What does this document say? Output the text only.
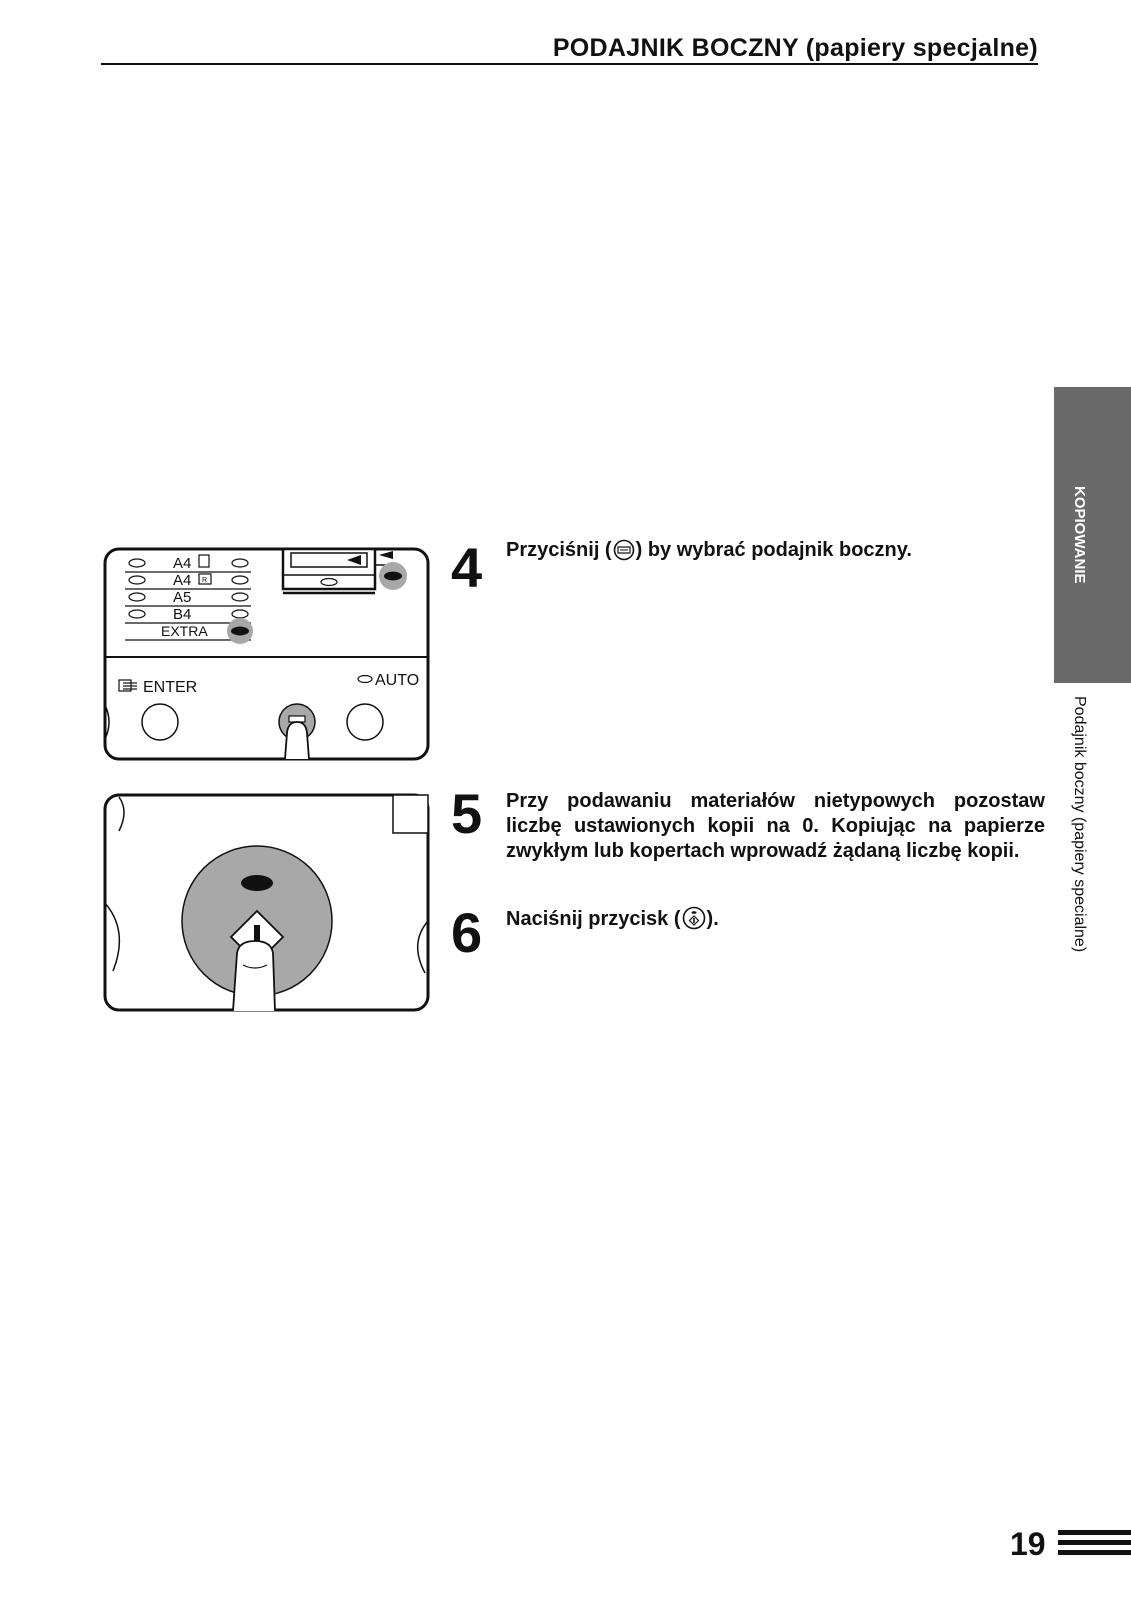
PODAJNIK BOCZNY (papiery specjalne)
KOPIOWANIE
Podajnik boczny (papiery specialne)
A4
A4 R
A5
B4
EXTRA
ENTER	AUTO
4 Przyciśnij ( ) by wybrać podajnik boczny.
5 Przy podawaniu materiałów nietypowych pozostaw liczbę ustawionych kopii na 0. Kopiując na papierze zwykłym lub kopertach wprowadź żądaną liczbę kopii.
6 Naciśnij przycisk ( ).
19
